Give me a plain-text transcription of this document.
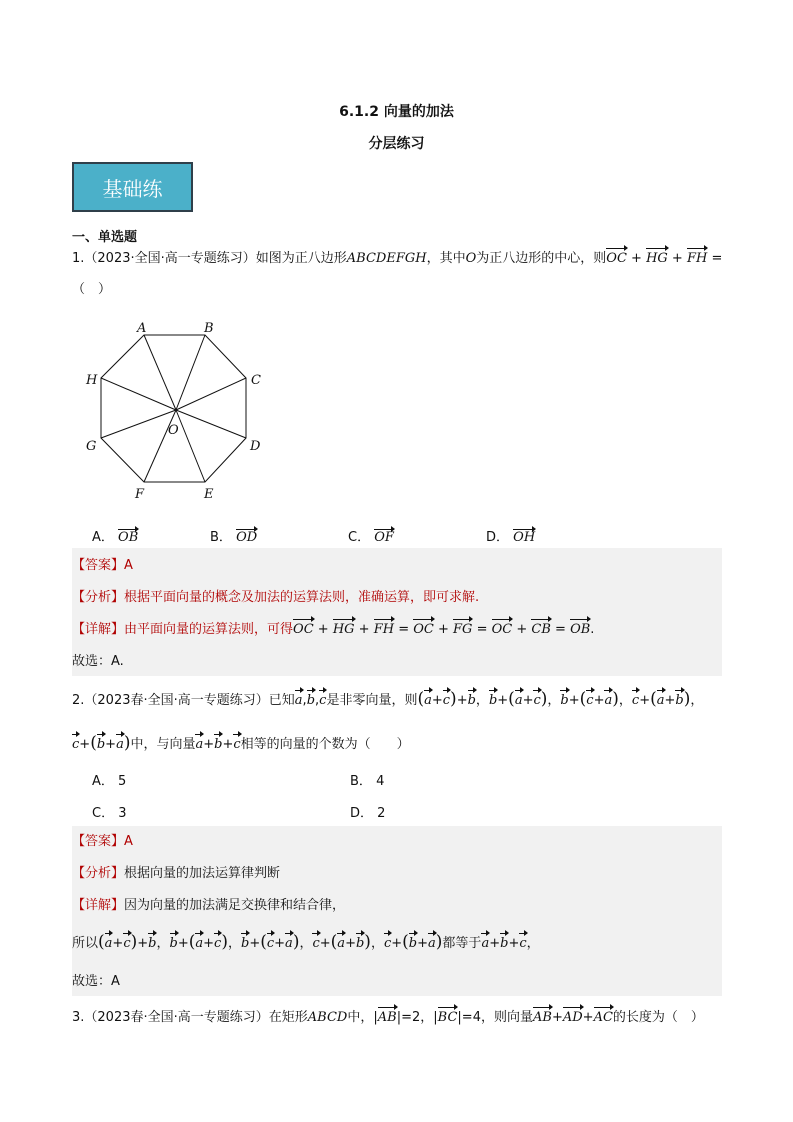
6.1.2 向量的加法
分层练习
基础练
一、单选题
1.（2023·全国·高一专题练习）如图为正八边形ABCDEFGH，其中O为正八边形的中心，则OC + HG + FH =
（　）
A	B
C
D
E
F
G
H
O
A． OB	B． OD	C． OF	D． OH
【答案】A
【分析】根据平面向量的概念及加法的运算法则，准确运算，即可求解.
【详解】由平面向量的运算法则，可得OC + HG + FH = OC + FG = OC + CB = OB.
故选：A.
2.（2023春·全国·高一专题练习）已知a,b,c是非零向量，则(a+c)+b，b+(a+c)，b+(c+a)，c+(a+b)，
c+(b+a)中，与向量a+b+c相等的向量的个数为（　　）
A． 5	B． 4
C． 3	D． 2
【答案】A
【分析】根据向量的加法运算律判断
【详解】因为向量的加法满足交换律和结合律，
所以(a+c)+b，b+(a+c)，b+(c+a)，c+(a+b)，c+(b+a)都等于a+b+c，
故选：A
3.（2023春·全国·高一专题练习）在矩形ABCD中，|AB|=2，|BC|=4，则向量AB+AD+AC的长度为（　）
